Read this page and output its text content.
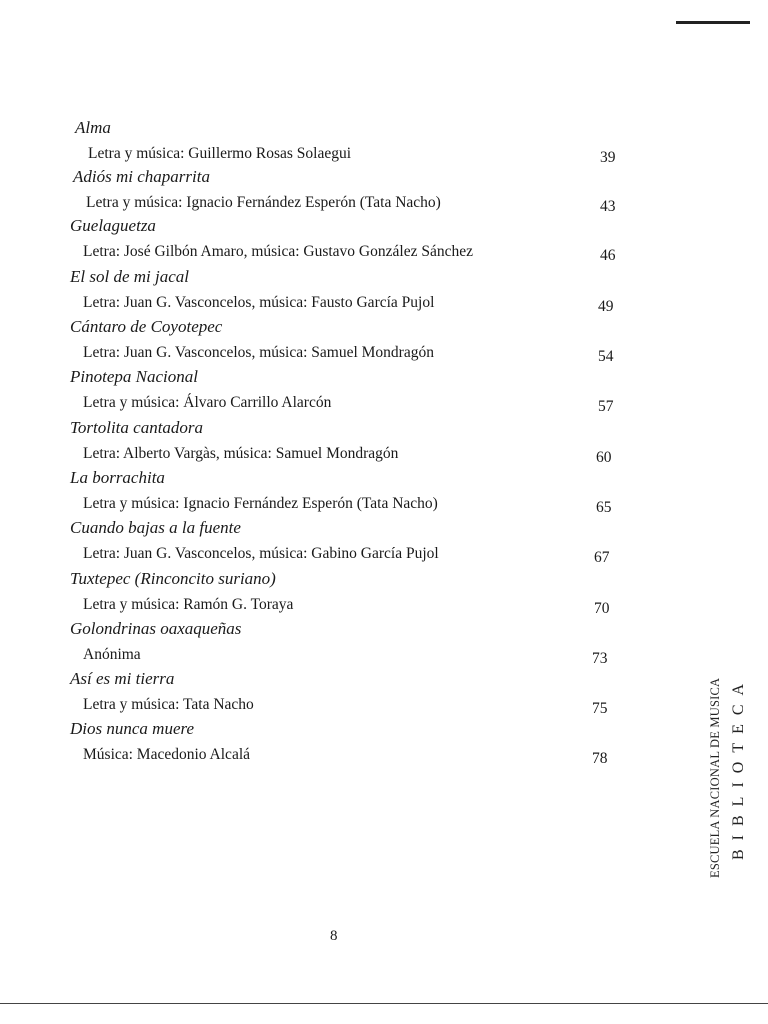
Alma
Letra y música: Guillermo Rosas Solaegui	39
Adiós mi chaparrita
Letra y música: Ignacio Fernández Esperón (Tata Nacho)	43
Guelaguetza
Letra: José Gilbón Amaro, música: Gustavo González Sánchez	46
El sol de mi jacal
Letra: Juan G. Vasconcelos, música: Fausto García Pujol	49
Cántaro de Coyotepec
Letra: Juan G. Vasconcelos, música: Samuel Mondragón	54
Pinotepa Nacional
Letra y música: Álvaro Carrillo Alarcón	57
Tortolita cantadora
Letra: Alberto Vargàs, música: Samuel Mondragón	60
La borrachita
Letra y música: Ignacio Fernández Esperón (Tata Nacho)	65
Cuando bajas a la fuente
Letra: Juan G. Vasconcelos, música: Gabino García Pujol	67
Tuxtepec (Rinconcito suriano)
Letra y música: Ramón G. Toraya	70
Golondrinas oaxaqueñas
Anónima	73
Así es mi tierra
Letra y música: Tata Nacho	75
Dios nunca muere
Música: Macedonio Alcalá	78
8
ESCUELA NACIONAL DE MUSICA BIBLIOTECA
